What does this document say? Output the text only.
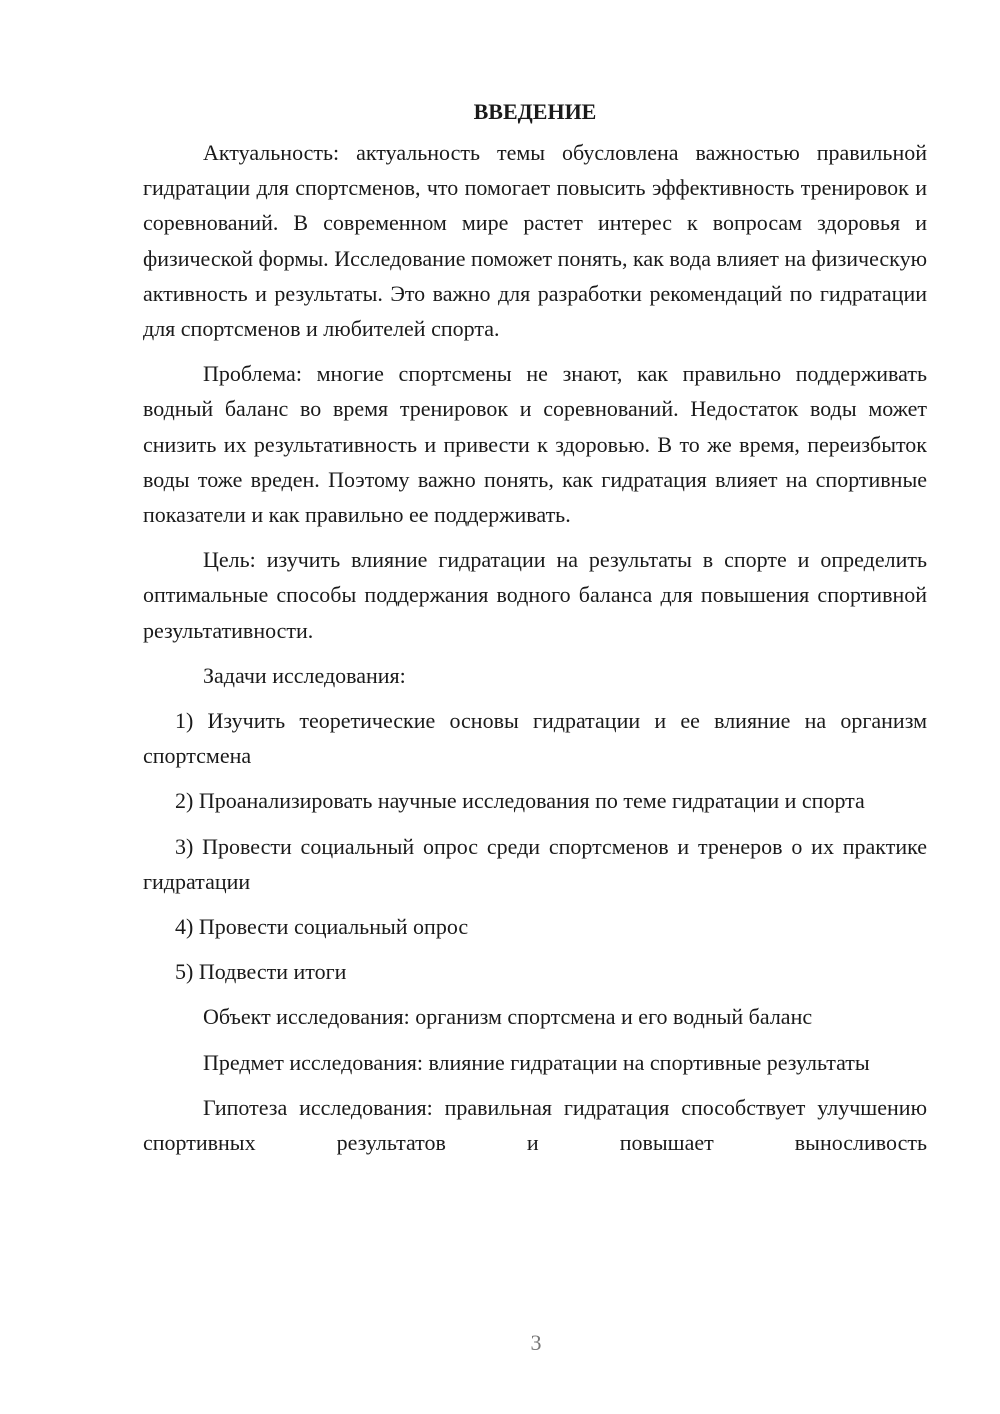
ВВЕДЕНИЕ

Актуальность: актуальность темы обусловлена важностью правильной гидратации для спортсменов, что помогает повысить эффективность тренировок и соревнований. В современном мире растет интерес к вопросам здоровья и физической формы. Исследование поможет понять, как вода влияет на физическую активность и результаты. Это важно для разработки рекомендаций по гидратации для спортсменов и любителей спорта.

Проблема: многие спортсмены не знают, как правильно поддерживать водный баланс во время тренировок и соревнований. Недостаток воды может снизить их результативность и привести к здоровью. В то же время, переизбыток воды тоже вреден. Поэтому важно понять, как гидратация влияет на спортивные показатели и как правильно ее поддерживать.

Цель: изучить влияние гидратации на результаты в спорте и определить оптимальные способы поддержания водного баланса для повышения спортивной результативности.

Задачи исследования:

1) Изучить теоретические основы гидратации и ее влияние на организм спортсмена

2) Проанализировать научные исследования по теме гидратации и спорта

3) Провести социальный опрос среди спортсменов и тренеров о их практике гидратации

4) Провести социальный опрос

5) Подвести итоги

Объект исследования: организм спортсмена и его водный баланс

Предмет исследования: влияние гидратации на спортивные результаты

Гипотеза исследования: правильная гидратация способствует улучшению спортивных результатов и повышает выносливость

3
